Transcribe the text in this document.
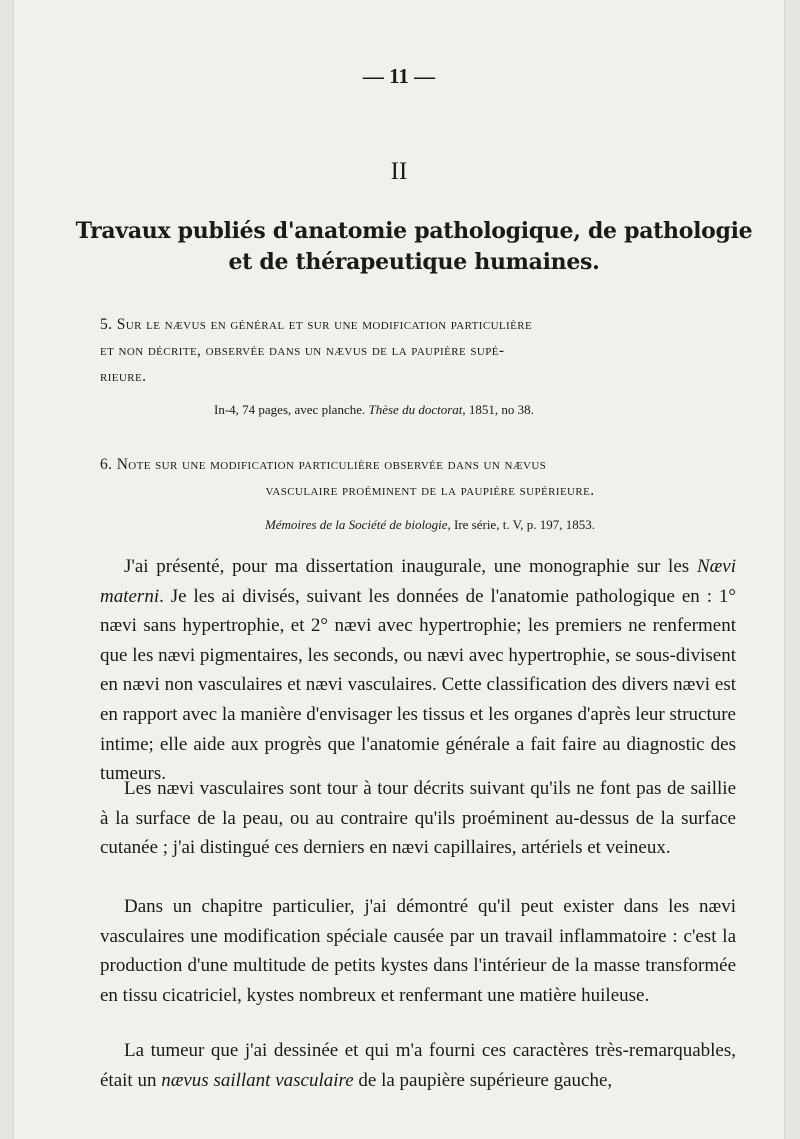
— 11 —
II
Travaux publiés d'anatomie pathologique, de pathologie
et de thérapeutique humaines.
5. Sur le nævus en général et sur une modification particulière
et non décrite, observée dans un nævus de la paupière supé-
rieure.
In-4, 74 pages, avec planche. Thèse du doctorat, 1851, no 38.
6. Note sur une modification particulière observée dans un nævus
vasculaire proéminent de la paupière supérieure.
Mémoires de la Société de biologie, Ire série, t. V, p. 197, 1853.

J'ai présenté, pour ma dissertation inaugurale, une monographie sur les Nævi materni. Je les ai divisés, suivant les données de l'anatomie pathologique en : 1° nævi sans hypertrophie, et 2° nævi avec hypertrophie; les premiers ne renferment que les nævi pigmentaires, les seconds, ou nævi avec hypertrophie, se sous-divisent en nævi non vasculaires et nævi vasculaires. Cette classification des divers nævi est en rapport avec la manière d'envisager les tissus et les organes d'après leur structure intime; elle aide aux progrès que l'anatomie générale a fait faire au diagnostic des tumeurs.

Les nævi vasculaires sont tour à tour décrits suivant qu'ils ne font pas de saillie à la surface de la peau, ou au contraire qu'ils proéminent au-dessus de la surface cutanée ; j'ai distingué ces derniers en nævi capillaires, artériels et veineux.

Dans un chapitre particulier, j'ai démontré qu'il peut exister dans les nævi vasculaires une modification spéciale causée par un travail inflammatoire : c'est la production d'une multitude de petits kystes dans l'intérieur de la masse transformée en tissu cicatriciel, kystes nombreux et renfermant une matière huileuse.

La tumeur que j'ai dessinée et qui m'a fourni ces caractères très-remarquables, était un nævus saillant vasculaire de la paupière supérieure gauche,
